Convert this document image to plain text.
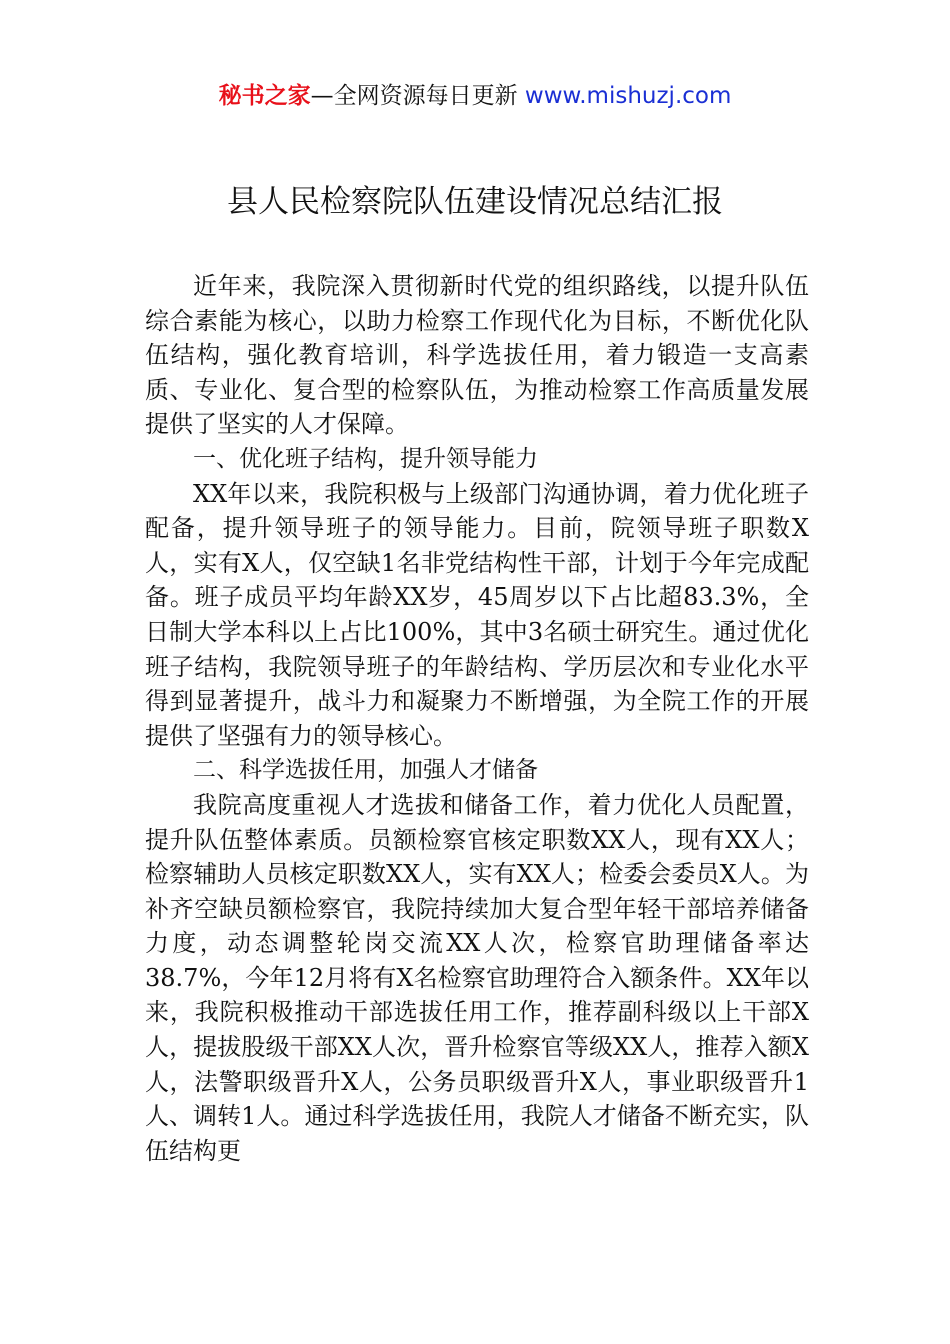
秘书之家—全网资源每日更新 www.mishuzj.com
县人民检察院队伍建设情况总结汇报

近年来，我院深入贯彻新时代党的组织路线，以提升队伍综合素能为核心，以助力检察工作现代化为目标，不断优化队伍结构，强化教育培训，科学选拔任用，着力锻造一支高素质、专业化、复合型的检察队伍，为推动检察工作高质量发展提供了坚实的人才保障。

一、优化班子结构，提升领导能力

XX年以来，我院积极与上级部门沟通协调，着力优化班子配备，提升领导班子的领导能力。目前，院领导班子职数X人，实有X人，仅空缺1名非党结构性干部，计划于今年完成配备。班子成员平均年龄XX岁，45周岁以下占比超83.3%，全日制大学本科以上占比100%，其中3名硕士研究生。通过优化班子结构，我院领导班子的年龄结构、学历层次和专业化水平得到显著提升，战斗力和凝聚力不断增强，为全院工作的开展提供了坚强有力的领导核心。

二、科学选拔任用，加强人才储备

我院高度重视人才选拔和储备工作，着力优化人员配置，提升队伍整体素质。员额检察官核定职数XX人，现有XX人；检察辅助人员核定职数XX人，实有XX人；检委会委员X人。为补齐空缺员额检察官，我院持续加大复合型年轻干部培养储备力度，动态调整轮岗交流XX人次，检察官助理储备率达38.7%，今年12月将有X名检察官助理符合入额条件。XX年以来，我院积极推动干部选拔任用工作，推荐副科级以上干部X人，提拔股级干部XX人次，晋升检察官等级XX人，推荐入额X人，法警职级晋升X人，公务员职级晋升X人，事业职级晋升1人、调转1人。通过科学选拔任用，我院人才储备不断充实，队伍结构更
